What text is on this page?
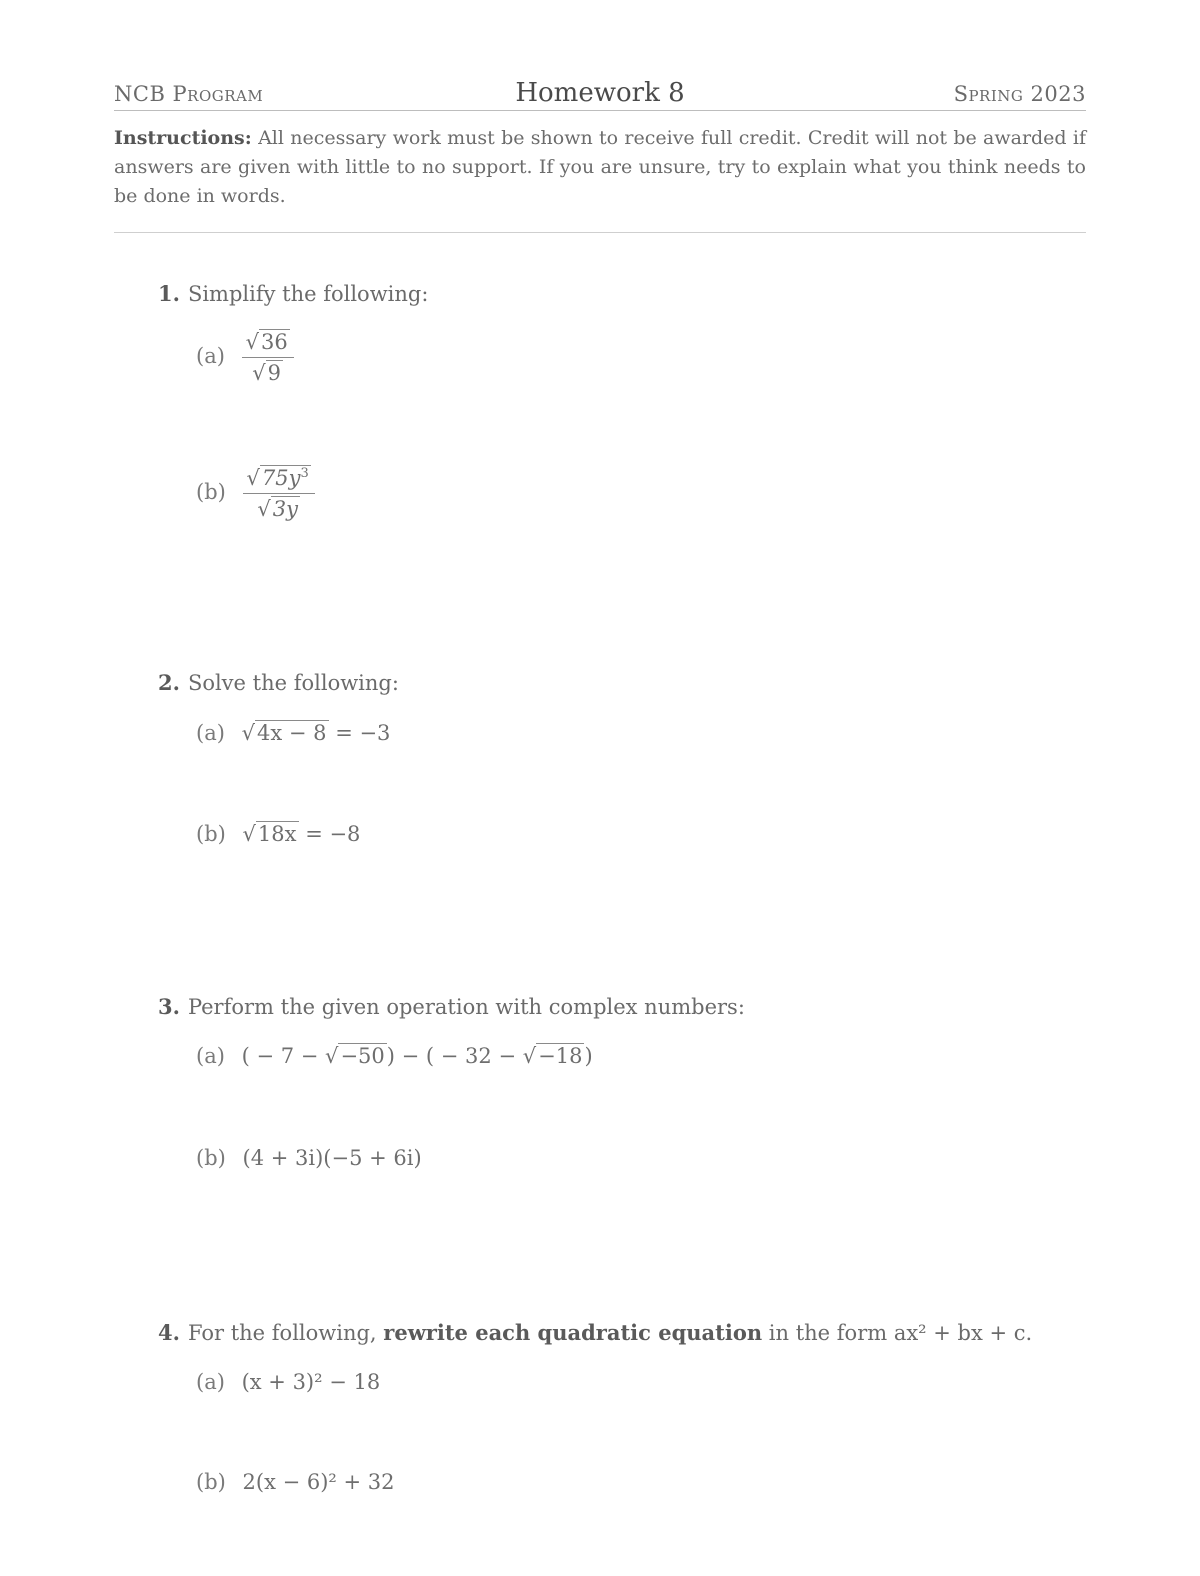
NCB Program	Homework 8	Spring 2023
Instructions: All necessary work must be shown to receive full credit. Credit will not be awarded if answers are given with little to no support. If you are unsure, try to explain what you think needs to be done in words.
1. Simplify the following:
$(a) \frac{√36}{√9}$
$(b) \frac{√75y^3}{√3y}$
2. Solve the following:
(a) √4x − 8 = −3
(b) √18x = −8
3. Perform the given operation with complex numbers:
(a) ( − 7 − √−50) − ( − 32 − √−18)
(b) (4 + 3i)(−5 + 6i)
4. For the following, rewrite each quadratic equation in the form ax² + bx + c.
(a) (x + 3)² − 18
(b) 2(x − 6)² + 32
